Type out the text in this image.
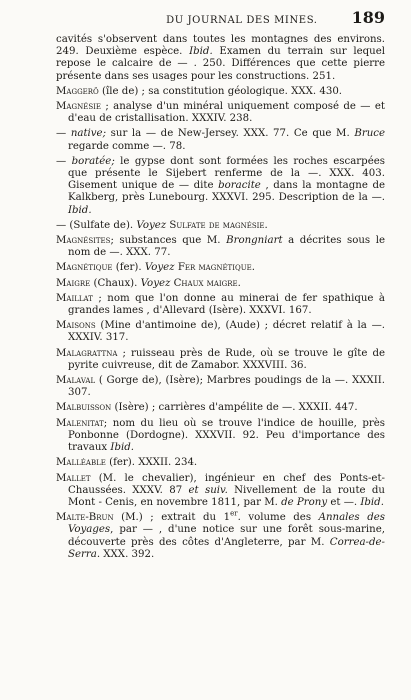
DU JOURNAL DES MINES. 189

cavités s'observent dans toutes les montagnes des environs. 249. Deuxième espèce. Ibid. Examen du terrain sur lequel repose le calcaire de — . 250. Différences que cette pierre présente dans ses usages pour les constructions. 251.

Maggerö (île de) ; sa constitution géologique. XXX. 430.

Magnésie ; analyse d'un minéral uniquement composé de — et d'eau de cristallisation. XXXIV. 238.

— native; sur la — de New-Jersey. XXX. 77. Ce que M. Bruce regarde comme —. 78.

— boratée; le gypse dont sont formées les roches escarpées que présente le Sijebert renferme de la —. XXX. 403. Gisement unique de — dite boracite , dans la montagne de Kalkberg, près Lunebourg. XXXVI. 295. Description de la —. Ibid.

— (Sulfate de). Voyez Sulfate de magnésie.

Magnésites; substances que M. Brongniart a décrites sous le nom de —. XXX. 77.

Magnétique (fer). Voyez Fer magnétique.

Maigre (Chaux). Voyez Chaux maigre.

Maillat ; nom que l'on donne au minerai de fer spathique à grandes lames , d'Allevard (Isère). XXXVI. 167.

Maisons (Mine d'antimoine de), (Aude) ; décret relatif à la —. XXXIV. 317.

Malagrattna ; ruisseau près de Rude, où se trouve le gîte de pyrite cuivreuse, dit de Zamabor. XXXVIII. 36.

Malaval ( Gorge de), (Isère); Marbres poudings de la —. XXXII. 307.

Malbuisson (Isère) ; carrières d'ampélite de —. XXXII. 447.

Malenitat; nom du lieu où se trouve l'indice de houille, près Ponbonne (Dordogne). XXXVII. 92. Peu d'importance des travaux Ibid.

Malléable (fer). XXXII. 234.

Mallet (M. le chevalier), ingénieur en chef des Ponts-et-Chaussées. XXXV. 87 et suiv. Nivellement de la route du Mont - Cenis, en novembre 1811, par M. de Prony et —. Ibid.

Malte-Brun (M.) ; extrait du 1er. volume des Annales des Voyages, par — , d'une notice sur une forêt sous-marine, découverte près des côtes d'Angleterre, par M. Correa-de-Serra. XXX. 392.
